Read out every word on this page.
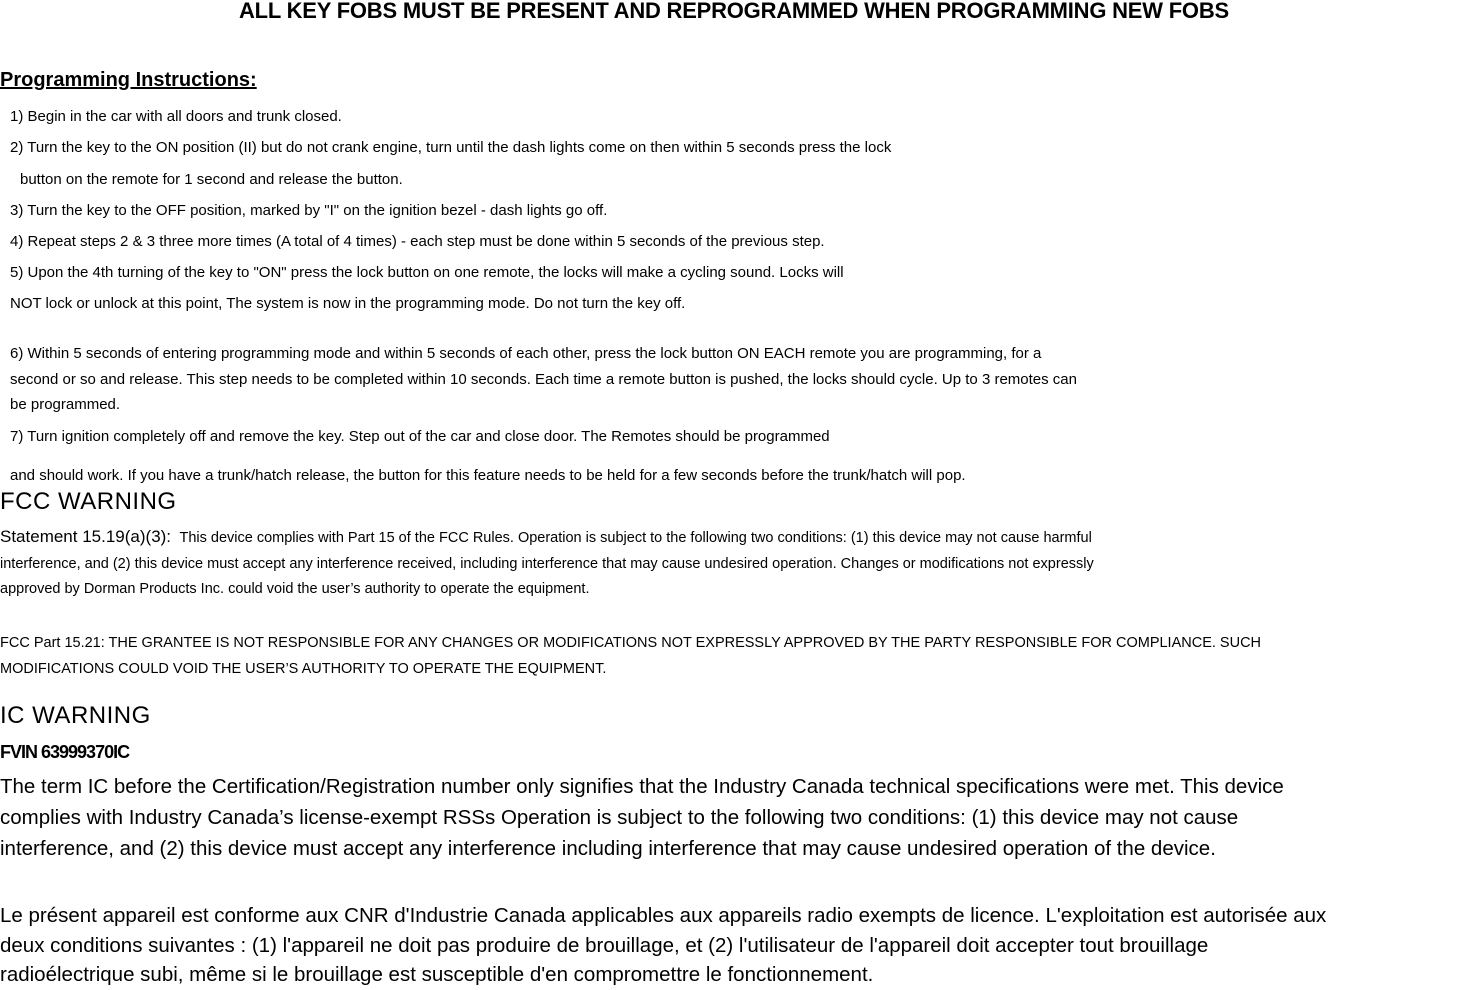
ALL KEY FOBS MUST BE PRESENT AND REPROGRAMMED WHEN PROGRAMMING NEW FOBS
Programming Instructions:
1) Begin in the car with all doors and trunk closed.
2) Turn the key to the ON position (II) but do not crank engine, turn until the dash lights come on then within 5 seconds press the lock
button on the remote for 1 second and release the button.
3) Turn the key to the OFF position, marked by "I" on the ignition bezel - dash lights go off.
4) Repeat steps 2 & 3 three more times (A total of 4 times) - each step must be done within 5 seconds of the previous step.
5) Upon the 4th turning of the key to "ON" press the lock button on one remote, the locks will make a cycling sound. Locks will
NOT lock or unlock at this point, The system is now in the programming mode. Do not turn the key off.
6) Within 5 seconds of entering programming mode and within 5 seconds of each other, press the lock button ON EACH remote you are programming, for a
second or so and release. This step needs to be completed within 10 seconds. Each time a remote button is pushed, the locks should cycle. Up to 3 remotes can
be programmed.
7) Turn ignition completely off and remove the key. Step out of the car and close door. The Remotes should be programmed
and should work. If you have a trunk/hatch release, the button for this feature needs to be held for a few seconds before the trunk/hatch will pop.
FCC WARNING
Statement 15.19(a)(3): This device complies with Part 15 of the FCC Rules. Operation is subject to the following two conditions: (1) this device may not cause harmful
interference, and (2) this device must accept any interference received, including interference that may cause undesired operation. Changes or modifications not expressly
approved by Dorman Products Inc. could void the user’s authority to operate the equipment.
FCC Part 15.21: THE GRANTEE IS NOT RESPONSIBLE FOR ANY CHANGES OR MODIFICATIONS NOT EXPRESSLY APPROVED BY THE PARTY RESPONSIBLE FOR COMPLIANCE. SUCH
MODIFICATIONS COULD VOID THE USER’S AUTHORITY TO OPERATE THE EQUIPMENT.
IC WARNING
FVIN 63999370IC
The term IC before the Certification/Registration number only signifies that the Industry Canada technical specifications were met. This device
complies with Industry Canada’s license-exempt RSSs Operation is subject to the following two conditions: (1) this device may not cause
interference, and (2) this device must accept any interference including interference that may cause undesired operation of the device.
Le présent appareil est conforme aux CNR d'Industrie Canada applicables aux appareils radio exempts de licence. L'exploitation est autorisée aux
deux conditions suivantes : (1) l'appareil ne doit pas produire de brouillage, et (2) l'utilisateur de l'appareil doit accepter tout brouillage
radioélectrique subi, même si le brouillage est susceptible d'en compromettre le fonctionnement.
